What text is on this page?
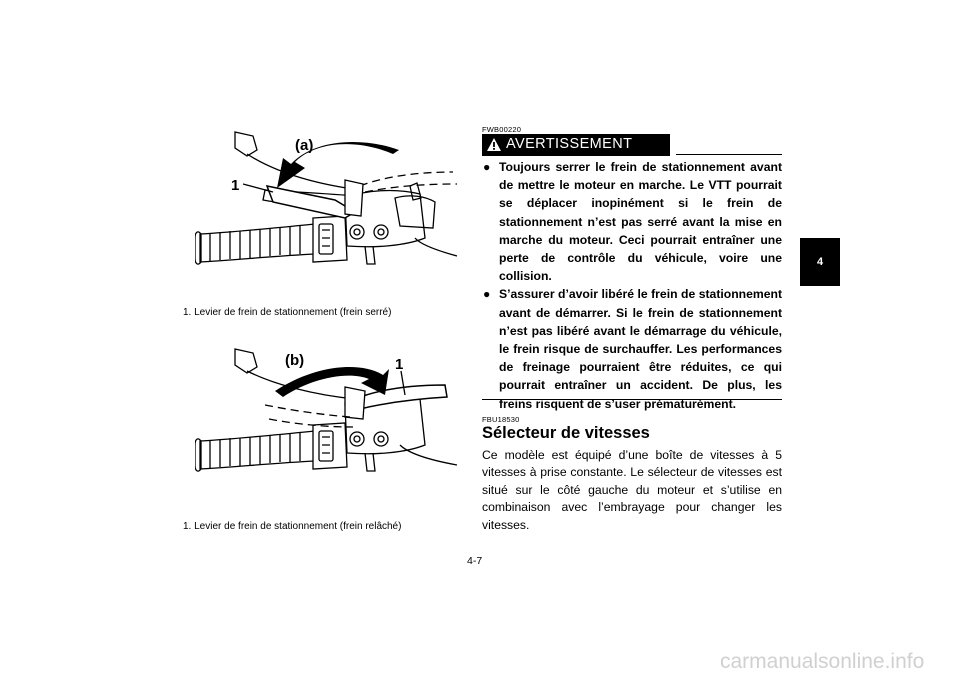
(a)
1
1. Levier de frein de stationnement (frein serré)
(b)	1
1. Levier de frein de stationnement (frein relâché)
FWB00220
AVERTISSEMENT
● Toujours serrer le frein de stationnement avant de mettre le moteur en marche. Le VTT pourrait se déplacer inopinément si le frein de stationnement n’est pas serré avant la mise en marche du moteur. Ceci pourrait entraîner une perte de contrôle du véhicule, voire une collision.
● S’assurer d’avoir libéré le frein de stationnement avant de démarrer. Si le frein de stationnement n’est pas libéré avant le démarrage du véhicule, le frein risque de surchauffer. Les performances de freinage pourraient être réduites, ce qui pourrait entraîner un accident. De plus, les freins risquent de s’user prématurément.
FBU18530
Sélecteur de vitesses
Ce modèle est équipé d’une boîte de vitesses à 5 vitesses à prise constante. Le sélecteur de vitesses est situé sur le côté gauche du moteur et s’utilise en combinaison avec l’embrayage pour changer les vitesses.
4
4-7
carmanualsonline.info
